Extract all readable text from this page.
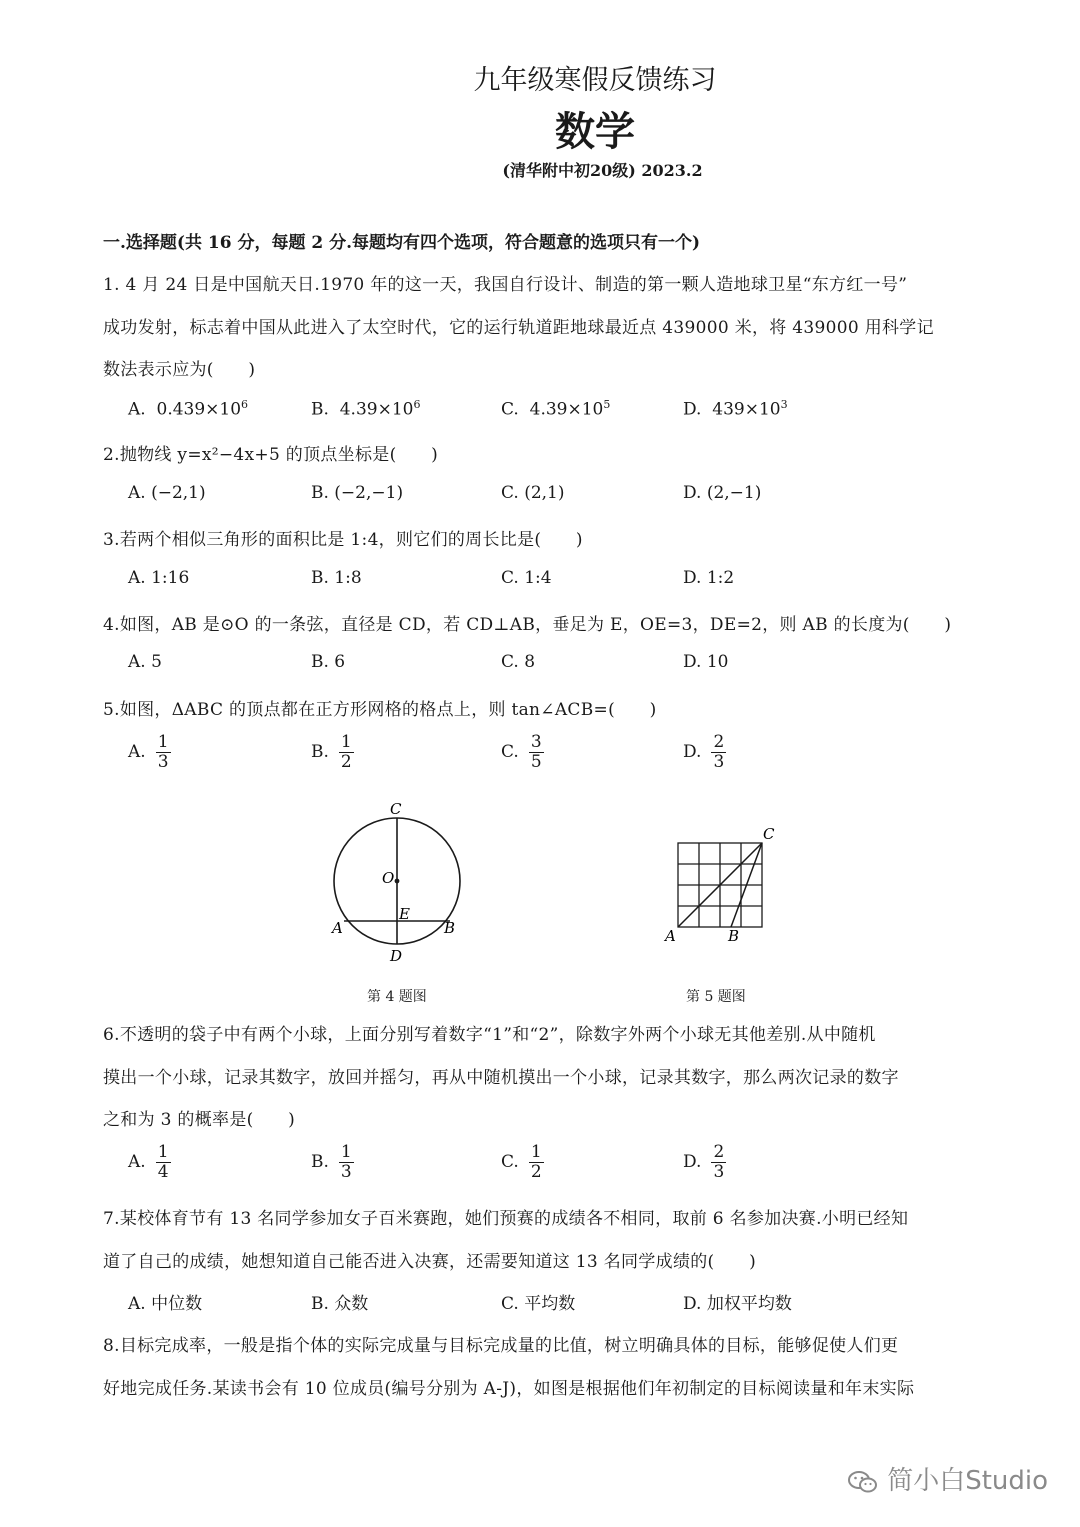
九年级寒假反馈练习
数学
(清华附中初20级) 2023.2
一.选择题(共 16 分，每题 2 分.每题均有四个选项，符合题意的选项只有一个)
1. 4 月 24 日是中国航天日.1970 年的这一天，我国自行设计、制造的第一颗人造地球卫星“东方红一号”
成功发射，标志着中国从此进入了太空时代，它的运行轨道距地球最近点 439000 米，将 439000 用科学记
数法表示应为(　　)
A. $0.439\times 10^6$	B. $4.39\times 10^6$	C. $4.39\times 10^5$	D. $439\times 10^3$
2.抛物线 y=x²−4x+5 的顶点坐标是(　　)
A. (−2,1)	B. (−2,−1)	C. (2,1)	D. (2,−1)
3.若两个相似三角形的面积比是 1:4，则它们的周长比是(　　)
A. 1:16	B. 1:8	C. 1:4	D. 1:2
4.如图，AB 是⊙O 的一条弦，直径是 CD，若 CD⊥AB，垂足为 E，OE=3，DE=2，则 AB 的长度为(　　)
A. 5	B. 6	C. 8	D. 10
5.如图，ΔABC 的顶点都在正方形网格的格点上，则 tan∠ACB=(　　)
A. $\frac{1}{3}$	B. $\frac{1}{2}$	C. $\frac{3}{5}$	D. $\frac{2}{3}$
C
O
E
A	B
D
第 4 题图
C
A	B
第 5 题图
6.不透明的袋子中有两个小球，上面分别写着数字“1”和“2”，除数字外两个小球无其他差别.从中随机
摸出一个小球，记录其数字，放回并摇匀，再从中随机摸出一个小球，记录其数字，那么两次记录的数字
之和为 3 的概率是(　　)
A. $\frac{1}{4}$	B. $\frac{1}{3}$	C. $\frac{1}{2}$	D. $\frac{2}{3}$
7.某校体育节有 13 名同学参加女子百米赛跑，她们预赛的成绩各不相同，取前 6 名参加决赛.小明已经知
道了自己的成绩，她想知道自己能否进入决赛，还需要知道这 13 名同学成绩的(　　)
A. 中位数	B. 众数	C. 平均数	D. 加权平均数
8.目标完成率，一般是指个体的实际完成量与目标完成量的比值，树立明确具体的目标，能够促使人们更
好地完成任务.某读书会有 10 位成员(编号分别为 A-J)，如图是根据他们年初制定的目标阅读量和年末实际
简小白Studio
